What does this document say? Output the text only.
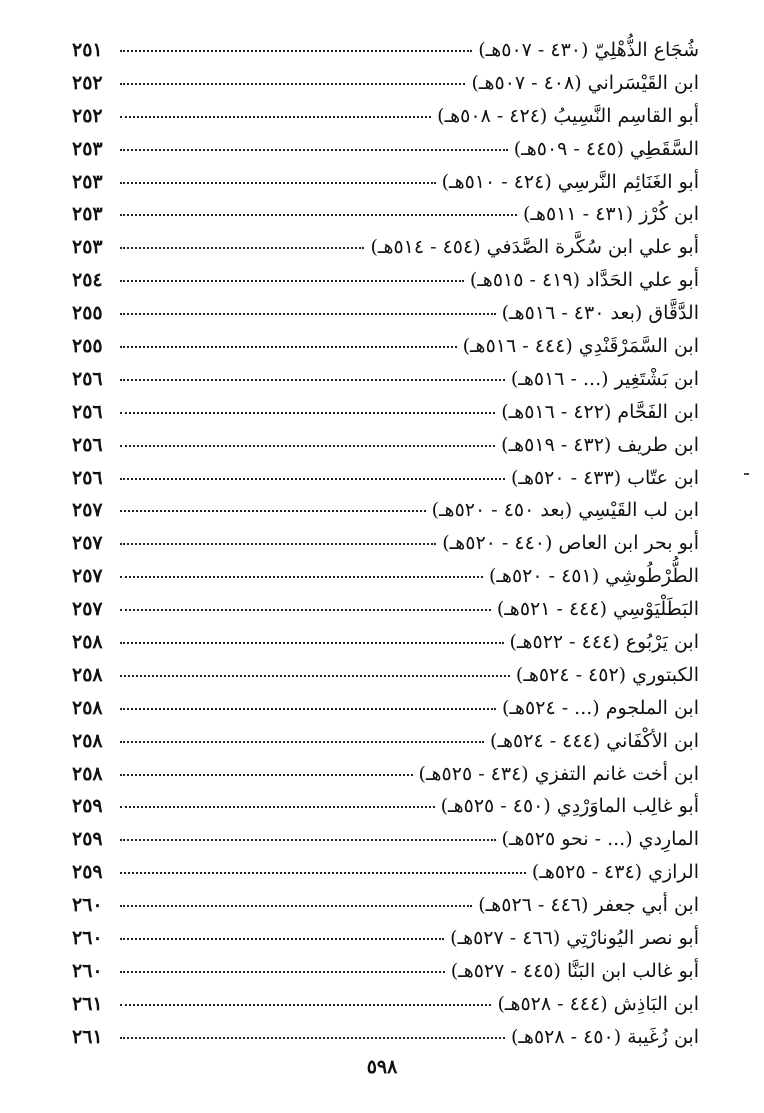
شُجَاع الذُّهْلِيّ (٤٣٠ - ٥٠٧هـ)
٢٥١
ابن القَيْسَراني (٤٠٨ - ٥٠٧هـ)
٢٥٢
أبو القاسِم النَّسِيبُ (٤٢٤ - ٥٠٨هـ)
٢٥٢
السَّقَطِي (٤٤٥ - ٥٠٩هـ)
٢٥٣
أبو الغَنَائِم النَّرسِي (٤٢٤ - ٥١٠هـ)
٢٥٣
ابن كُرْز (٤٣١ - ٥١١هـ)
٢٥٣
أبو علي ابن سُكَّرة الصَّدَفي (٤٥٤ - ٥١٤هـ)
٢٥٣
أبو علي الحَدَّاد (٤١٩ - ٥١٥هـ)
٢٥٤
الدَّقَّاق (بعد ٤٣٠ - ٥١٦هـ)
٢٥٥
ابن السَّمَرْقَنْدِي (٤٤٤ - ٥١٦هـ)
٢٥٥
ابن بَشْتَغِير (... - ٥١٦هـ)
٢٥٦
ابن الفَحَّام (٤٢٢ - ٥١٦هـ)
٢٥٦
ابن طريف (٤٣٢ - ٥١٩هـ)
٢٥٦
ابن عتّاب (٤٣٣ - ٥٢٠هـ)
٢٥٦
ابن لب القَيْسِي (بعد ٤٥٠ - ٥٢٠هـ)
٢٥٧
أبو بحر ابن العاص (٤٤٠ - ٥٢٠هـ)
٢٥٧
الطُّرْطُوشِي (٤٥١ - ٥٢٠هـ)
٢٥٧
البَطَلْيَوْسِي (٤٤٤ - ٥٢١هـ)
٢٥٧
ابن يَرْبُوع (٤٤٤ - ٥٢٢هـ)
٢٥٨
الكبتوري (٤٥٢ - ٥٢٤هـ)
٢٥٨
ابن الملجوم (... - ٥٢٤هـ)
٢٥٨
ابن الأكْفَاني (٤٤٤ - ٥٢٤هـ)
٢٥٨
ابن أخت غانم التفزي (٤٣٤ - ٥٢٥هـ)
٢٥٨
أبو غالِب الماوَرْدِي (٤٥٠ - ٥٢٥هـ)
٢٥٩
المارِدي (... - نحو ٥٢٥هـ)
٢٥٩
الرازي (٤٣٤ - ٥٢٥هـ)
٢٥٩
ابن أبي جعفر (٤٤٦ - ٥٢٦هـ)
٢٦٠
أبو نصر اليُونارْتِي (٤٦٦ - ٥٢٧هـ)
٢٦٠
أبو غالب ابن البَنَّا (٤٤٥ - ٥٢٧هـ)
٢٦٠
ابن البَاذِش (٤٤٤ - ٥٢٨هـ)
٢٦١
ابن زُغَيبة (٤٥٠ - ٥٢٨هـ)
٢٦١
٥٩٨
